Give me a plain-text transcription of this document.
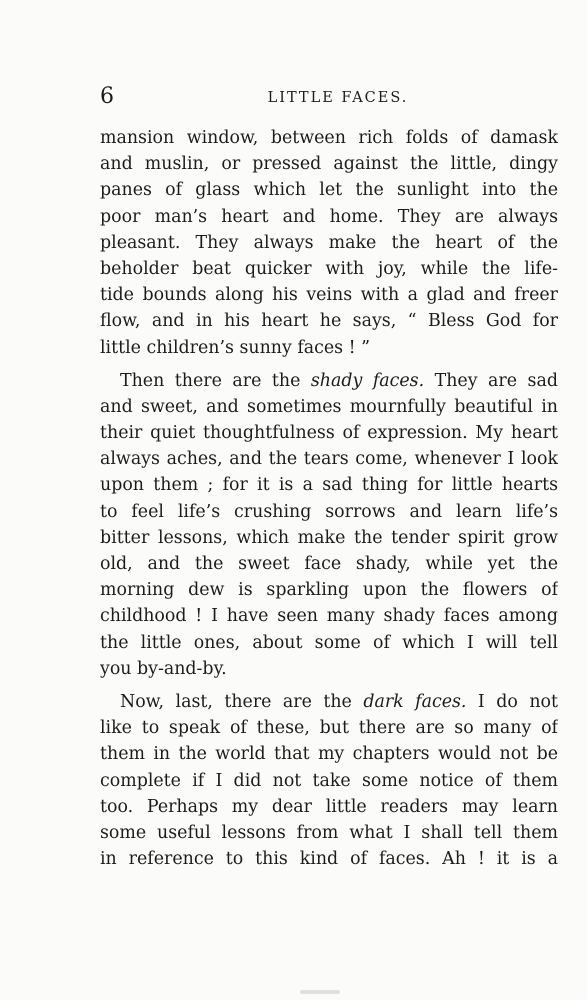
6	LITTLE FACES.
mansion window, between rich folds of damask
and muslin, or pressed against the little, dingy
panes of glass which let the sunlight into the
poor man’s heart and home. They are always
pleasant. They always make the heart of the
beholder beat quicker with joy, while the life-
tide bounds along his veins with a glad and freer
flow, and in his heart he says, “ Bless God for
little children’s sunny faces ! ”
Then there are the shady faces. They are sad
and sweet, and sometimes mournfully beautiful in
their quiet thoughtfulness of expression. My heart
always aches, and the tears come, whenever I look
upon them ; for it is a sad thing for little hearts
to feel life’s crushing sorrows and learn life’s
bitter lessons, which make the tender spirit grow
old, and the sweet face shady, while yet the
morning dew is sparkling upon the flowers of
childhood ! I have seen many shady faces among
the little ones, about some of which I will tell
you by-and-by.
Now, last, there are the dark faces. I do not
like to speak of these, but there are so many of
them in the world that my chapters would not be
complete if I did not take some notice of them
too. Perhaps my dear little readers may learn
some useful lessons from what I shall tell them
in reference to this kind of faces. Ah ! it is a
